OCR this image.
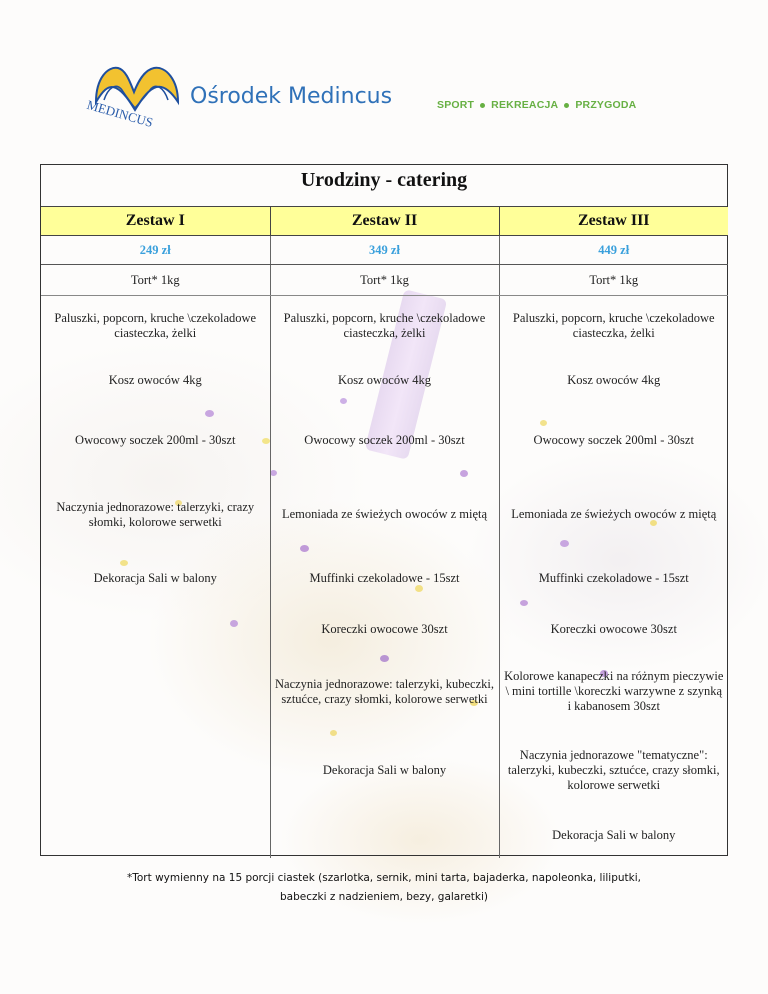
MEDINCUS
Ośrodek Medincus	SPORT REKREACJA PRZYGODA
Urodziny - catering
Zestaw I	Zestaw II	Zestaw III
249 zł	349 zł	449 zł
Tort* 1kg	Tort* 1kg	Tort* 1kg
Paluszki, popcorn, kruche \czekoladowe ciasteczka, żelki	Paluszki, popcorn, kruche \czekoladowe ciasteczka, żelki	Paluszki, popcorn, kruche \czekoladowe ciasteczka, żelki
Kosz owoców 4kg	Kosz owoców 4kg	Kosz owoców 4kg
Owocowy soczek 200ml - 30szt	Owocowy soczek 200ml - 30szt	Owocowy soczek 200ml - 30szt
Naczynia jednorazowe: talerzyki, crazy słomki, kolorowe serwetki	Lemoniada ze świeżych owoców z miętą	Lemoniada ze świeżych owoców z miętą
Dekoracja Sali w balony	Muffinki czekoladowe - 15szt	Muffinki czekoladowe - 15szt
	Koreczki owocowe 30szt	Koreczki owocowe 30szt
	Naczynia jednorazowe: talerzyki, kubeczki, sztućce, crazy słomki, kolorowe serwetki	Kolorowe kanapeczki na różnym pieczywie \ mini tortille \koreczki warzywne z szynką i kabanosem 30szt
	Dekoracja Sali w balony	Naczynia jednorazowe "tematyczne": talerzyki, kubeczki, sztućce, crazy słomki, kolorowe serwetki
		Dekoracja Sali w balony
*Tort wymienny na 15 porcji ciastek (szarlotka, sernik, mini tarta, bajaderka, napoleonka, liliputki,
babeczki z nadzieniem, bezy, galaretki)
